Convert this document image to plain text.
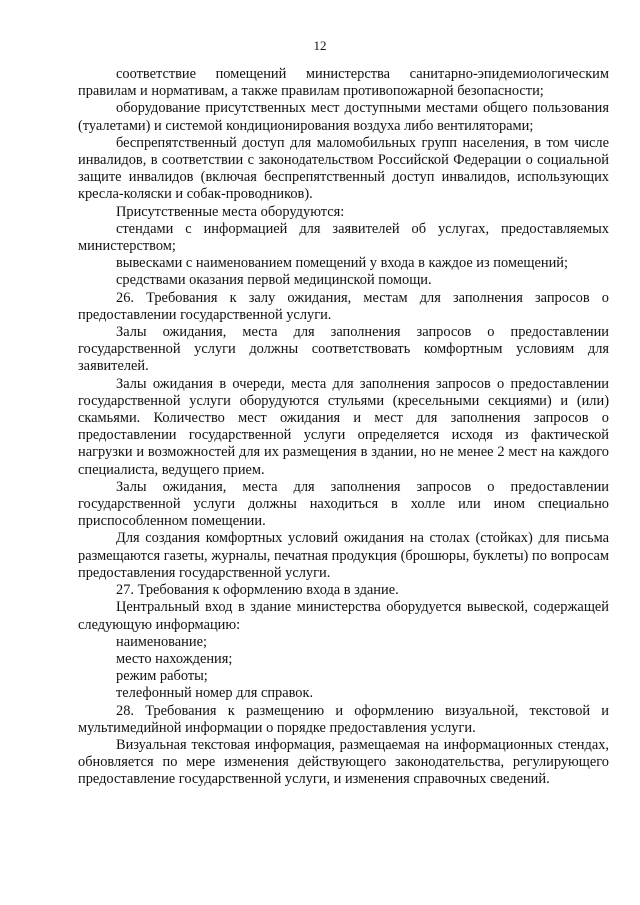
12

соответствие помещений министерства санитарно-эпидемиологическим правилам и нормативам, а также правилам противопожарной безопасности;

оборудование присутственных мест доступными местами общего пользования (туалетами) и системой кондиционирования воздуха либо вентиляторами;

беспрепятственный доступ для маломобильных групп населения, в том числе инвалидов, в соответствии с законодательством Российской Федерации о социальной защите инвалидов (включая беспрепятственный доступ инвалидов, использующих кресла-коляски и собак-проводников).

Присутственные места оборудуются:

стендами с информацией для заявителей об услугах, предоставляемых министерством;

вывесками с наименованием помещений у входа в каждое из помещений;

средствами оказания первой медицинской помощи.

26. Требования к залу ожидания, местам для заполнения запросов о предоставлении государственной услуги.

Залы ожидания, места для заполнения запросов о предоставлении государственной услуги должны соответствовать комфортным условиям для заявителей.

Залы ожидания в очереди, места для заполнения запросов о предоставлении государственной услуги оборудуются стульями (кресельными секциями) и (или) скамьями. Количество мест ожидания и мест для заполнения запросов о предоставлении государственной услуги определяется исходя из фактической нагрузки и возможностей для их размещения в здании, но не менее 2 мест на каждого специалиста, ведущего прием.

Залы ожидания, места для заполнения запросов о предоставлении государственной услуги должны находиться в холле или ином специально приспособленном помещении.

Для создания комфортных условий ожидания на столах (стойках) для письма размещаются газеты, журналы, печатная продукция (брошюры, буклеты) по вопросам предоставления государственной услуги.

27. Требования к оформлению входа в здание.

Центральный вход в здание министерства оборудуется вывеской, содержащей следующую информацию:

наименование;

место нахождения;

режим работы;

телефонный номер для справок.

28. Требования к размещению и оформлению визуальной, текстовой и мультимедийной информации о порядке предоставления услуги.

Визуальная текстовая информация, размещаемая на информационных стендах, обновляется по мере изменения действующего законодательства, регулирующего предоставление государственной услуги, и изменения справочных сведений.
